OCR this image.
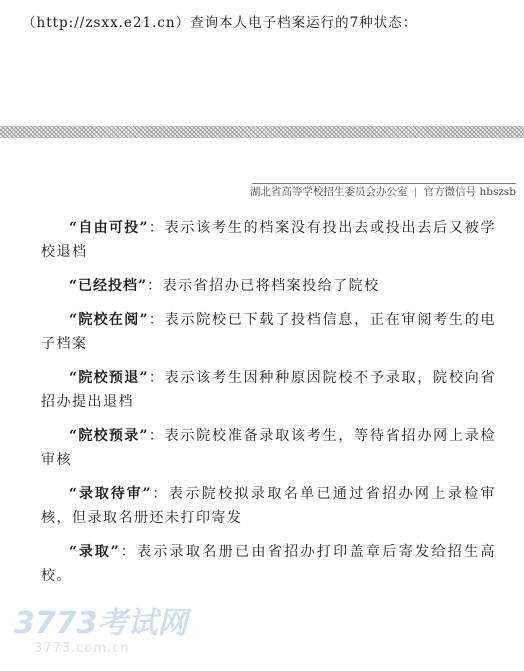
（http://zsxx.e21.cn）查询本人电子档案运行的7种状态：
湖北省高等学校招生委员会办公室 | 官方微信号 hbszsb

“自由可投”：表示该考生的档案没有投出去或投出去后又被学校退档

“已经投档”：表示省招办已将档案投给了院校

“院校在阅”：表示院校已下载了投档信息，正在审阅考生的电子档案

“院校预退”：表示该考生因种种原因院校不予录取，院校向省招办提出退档

“院校预录”：表示院校准备录取该考生，等待省招办网上录检审核

“录取待审”：表示院校拟录取名单已通过省招办网上录检审核，但录取名册还未打印寄发

“录取”：表示录取名册已由省招办打印盖章后寄发给招生高校。

3773考试网
3773.com.cn
